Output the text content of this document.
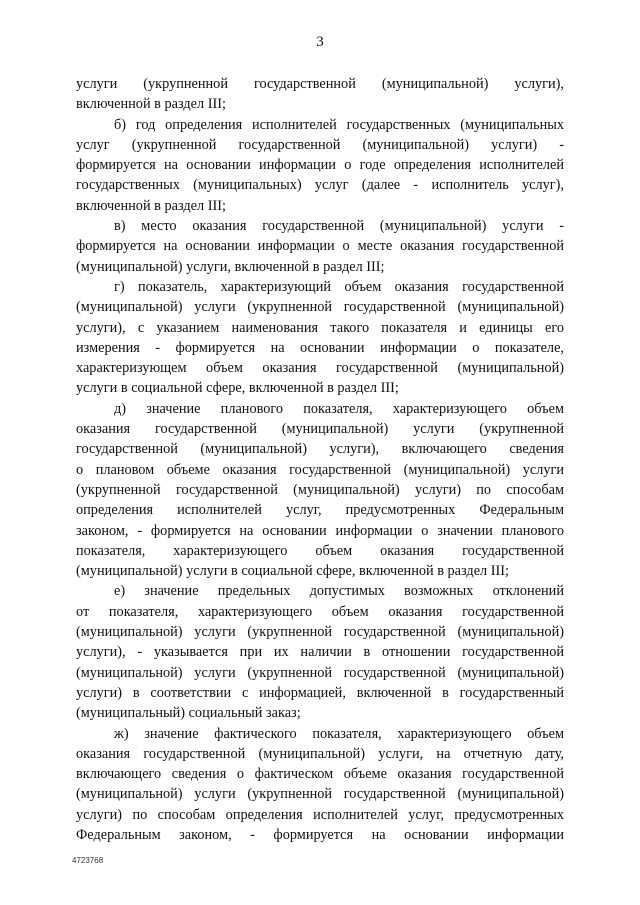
3
услуги (укрупненной государственной (муниципальной) услуги),
включенной в раздел III;
б) год определения исполнителей государственных (муниципальных
услуг (укрупненной государственной (муниципальной) услуги) -
формируется на основании информации о годе определения исполнителей
государственных (муниципальных) услуг (далее - исполнитель услуг),
включенной в раздел III;
в) место оказания государственной (муниципальной) услуги -
формируется на основании информации о месте оказания государственной
(муниципальной) услуги, включенной в раздел III;
г) показатель, характеризующий объем оказания государственной
(муниципальной) услуги (укрупненной государственной (муниципальной)
услуги), с указанием наименования такого показателя и единицы его
измерения - формируется на основании информации о показателе,
характеризующем объем оказания государственной (муниципальной)
услуги в социальной сфере, включенной в раздел III;
д) значение планового показателя, характеризующего объем
оказания государственной (муниципальной) услуги (укрупненной
государственной (муниципальной) услуги), включающего сведения
о плановом объеме оказания государственной (муниципальной) услуги
(укрупненной государственной (муниципальной) услуги) по способам
определения исполнителей услуг, предусмотренных Федеральным
законом, - формируется на основании информации о значении планового
показателя, характеризующего объем оказания государственной
(муниципальной) услуги в социальной сфере, включенной в раздел III;
е) значение предельных допустимых возможных отклонений
от показателя, характеризующего объем оказания государственной
(муниципальной) услуги (укрупненной государственной (муниципальной)
услуги), - указывается при их наличии в отношении государственной
(муниципальной) услуги (укрупненной государственной (муниципальной)
услуги) в соответствии с информацией, включенной в государственный
(муниципальный) социальный заказ;
ж) значение фактического показателя, характеризующего объем
оказания государственной (муниципальной) услуги, на отчетную дату,
включающего сведения о фактическом объеме оказания государственной
(муниципальной) услуги (укрупненной государственной (муниципальной)
услуги) по способам определения исполнителей услуг, предусмотренных
Федеральным законом, - формируется на основании информации
4723768
